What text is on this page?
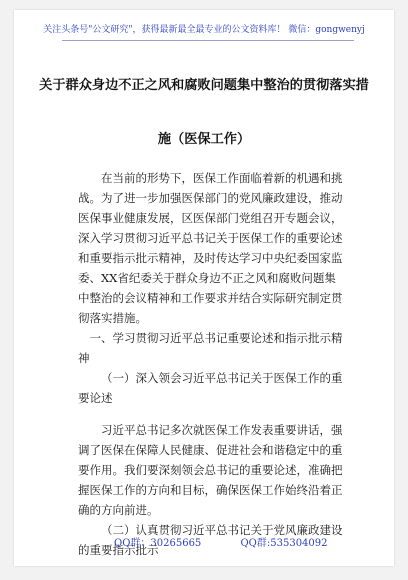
关注头条号"公文研究"，获得最新最全最专业的公文资料库！ 微信：gongwenyj
关于群众身边不正之风和腐败问题集中整治的贯彻落实措
施（医保工作）

在当前的形势下，医保工作面临着新的机遇和挑战。为了进一步加强医保部门的党风廉政建设，推动医保事业健康发展，区医保部门党组召开专题会议，深入学习贯彻习近平总书记关于医保工作的重要论述和重要指示批示精神，及时传达学习中央纪委国家监委、XX省纪委关于群众身边不正之风和腐败问题集中整治的会议精神和工作要求并结合实际研究制定贯彻落实措施。

一、学习贯彻习近平总书记重要论述和指示批示精神

（一）深入领会习近平总书记关于医保工作的重要论述

习近平总书记多次就医保工作发表重要讲话，强调了医保在保障人民健康、促进社会和谐稳定中的重要作用。我们要深刻领会总书记的重要论述，准确把握医保工作的方向和目标，确保医保工作始终沿着正确的方向前进。

（二）认真贯彻习近平总书记关于党风廉政建设的重要指示批示

QQ群：30265665	QQ群:535304092
